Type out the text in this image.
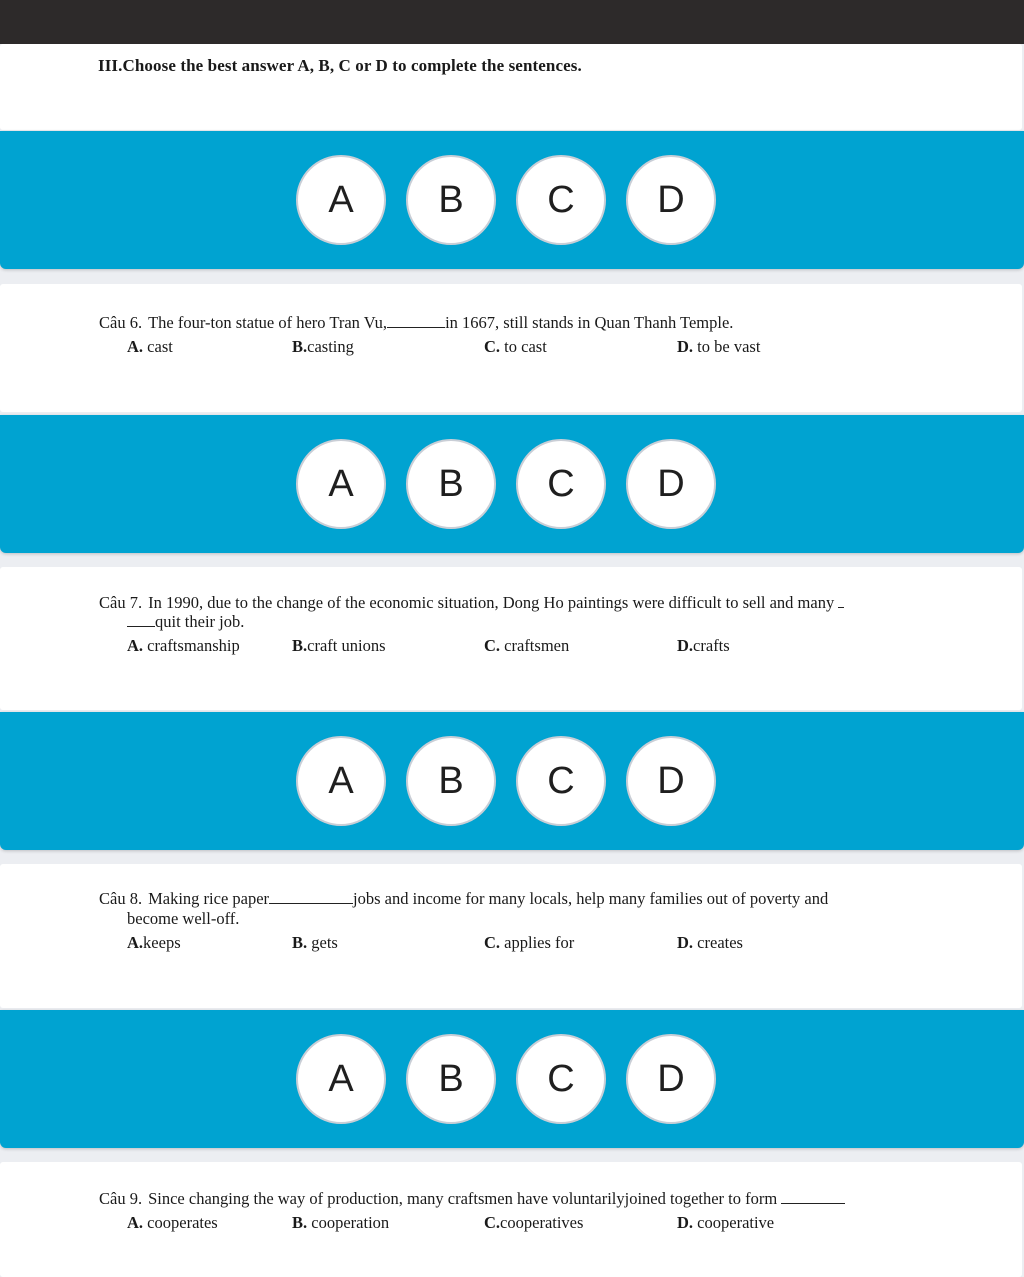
III.Choose the best answer A, B, C or D to complete the sentences.
A	B	C	D
Câu 6. The four-ton statue of hero Tran Vu,	in 1667, still stands in Quan Thanh Temple.
A. cast	B.casting	C. to cast	D. to be vast
A	B	C	D
Câu 7. In 1990, due to the change of the economic situation, Dong Ho paintings were difficult to sell and many
quit their job.
A. craftsmanship	B.craft unions	C. craftsmen	D.crafts
A	B	C	D
Câu 8. Making rice paper	jobs and income for many locals, help many families out of poverty and
become well-off.
A.keeps	B. gets	C. applies for	D. creates
A	B	C	D
Câu 9. Since changing the way of production, many craftsmen have voluntarilyjoined together to form
A. cooperates	B. cooperation	C.cooperatives	D. cooperative
